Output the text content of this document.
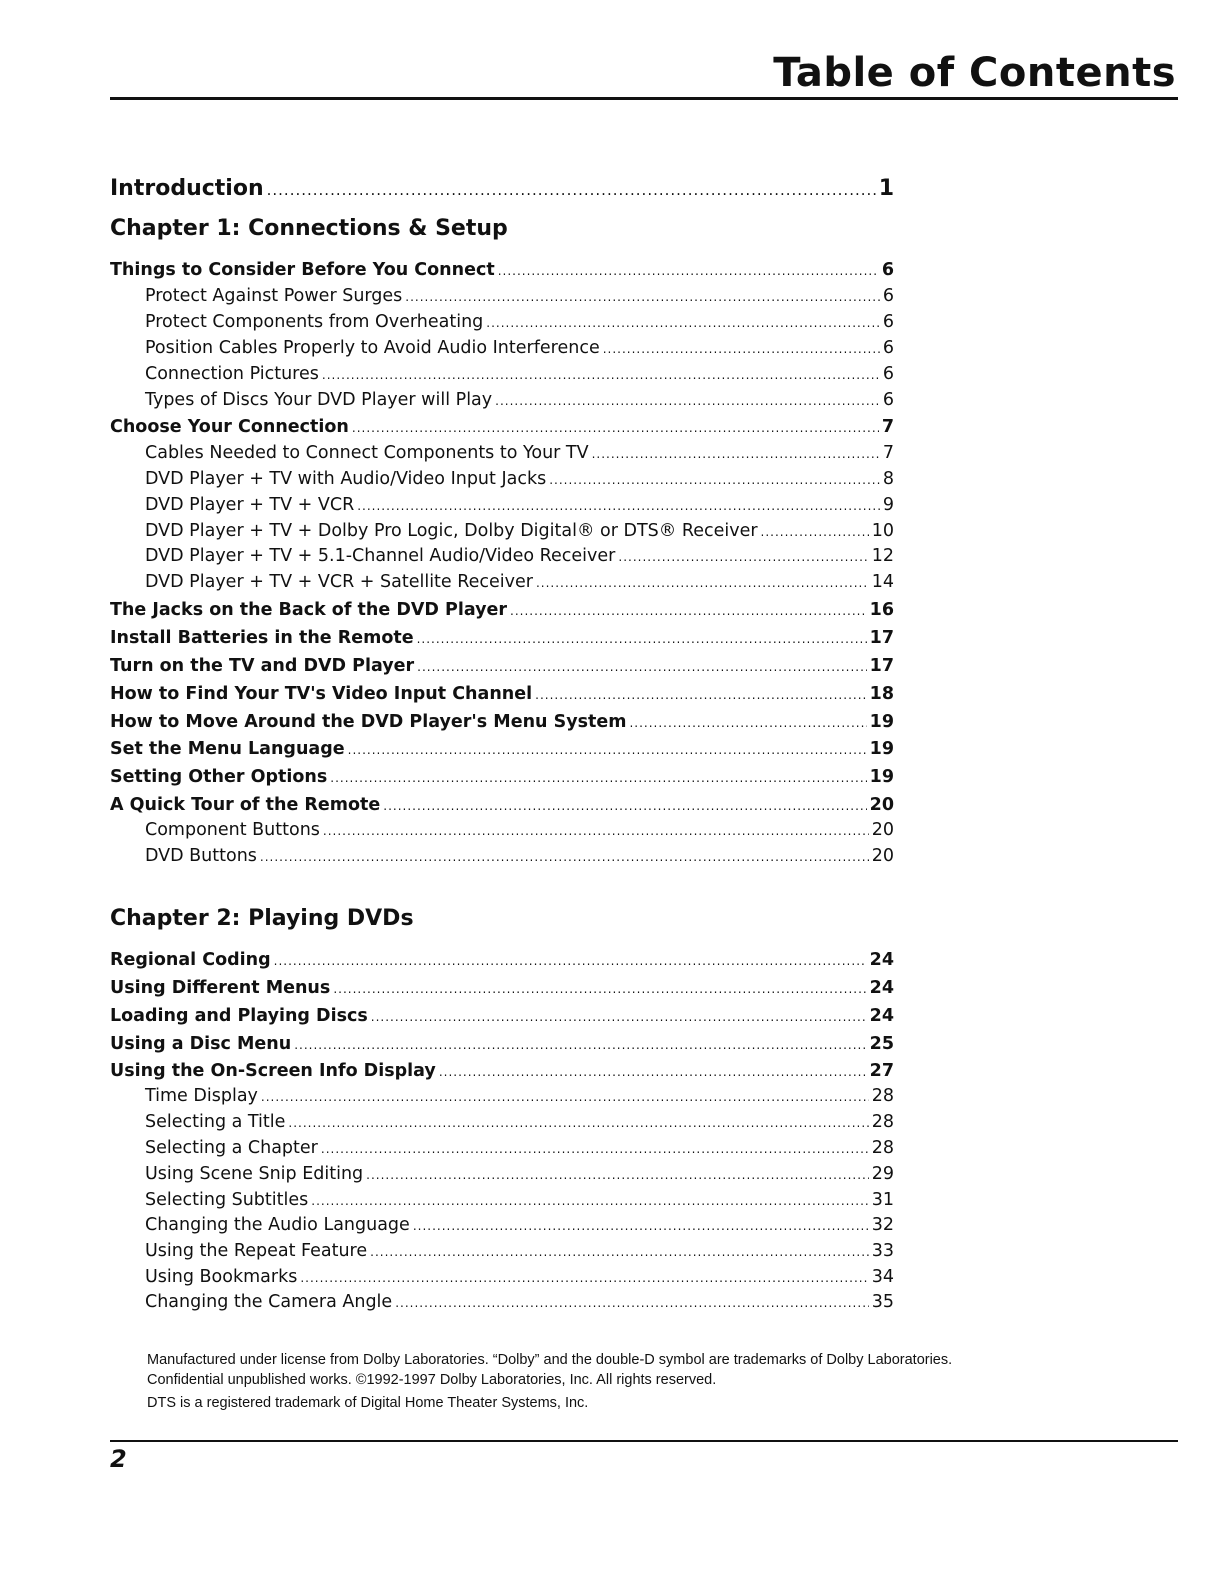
Table of Contents
Introduction .....	1
Chapter 1: Connections & Setup
Things to Consider Before You Connect .....	6
Protect Against Power Surges .....	6
Protect Components from Overheating .....	6
Position Cables Properly to Avoid Audio Interference .....	6
Connection Pictures .....	6
Types of Discs Your DVD Player will Play .....	6
Choose Your Connection .....	7
Cables Needed to Connect Components to Your TV .....	7
DVD Player + TV with Audio/Video Input Jacks .....	8
DVD Player + TV + VCR .....	9
DVD Player + TV + Dolby Pro Logic, Dolby Digital® or DTS® Receiver .....	10
DVD Player + TV + 5.1-Channel Audio/Video Receiver .....	12
DVD Player + TV + VCR + Satellite Receiver .....	14
The Jacks on the Back of the DVD Player .....	16
Install Batteries in the Remote .....	17
Turn on the TV and DVD Player .....	17
How to Find Your TV's Video Input Channel .....	18
How to Move Around the DVD Player's Menu System .....	19
Set the Menu Language .....	19
Setting Other Options .....	19
A Quick Tour of the Remote .....	20
Component Buttons .....	20
DVD Buttons .....	20
Chapter 2: Playing DVDs
Regional Coding .....	24
Using Different Menus .....	24
Loading and Playing Discs .....	24
Using a Disc Menu .....	25
Using the On-Screen Info Display .....	27
Time Display .....	28
Selecting a Title .....	28
Selecting a Chapter .....	28
Using Scene Snip Editing .....	29
Selecting Subtitles .....	31
Changing the Audio Language .....	32
Using the Repeat Feature .....	33
Using Bookmarks .....	34
Changing the Camera Angle .....	35

Manufactured under license from Dolby Laboratories. “Dolby” and the double-D symbol are trademarks of Dolby Laboratories.
Confidential unpublished works. ©1992-1997 Dolby Laboratories, Inc. All rights reserved.

DTS is a registered trademark of Digital Home Theater Systems, Inc.

2
